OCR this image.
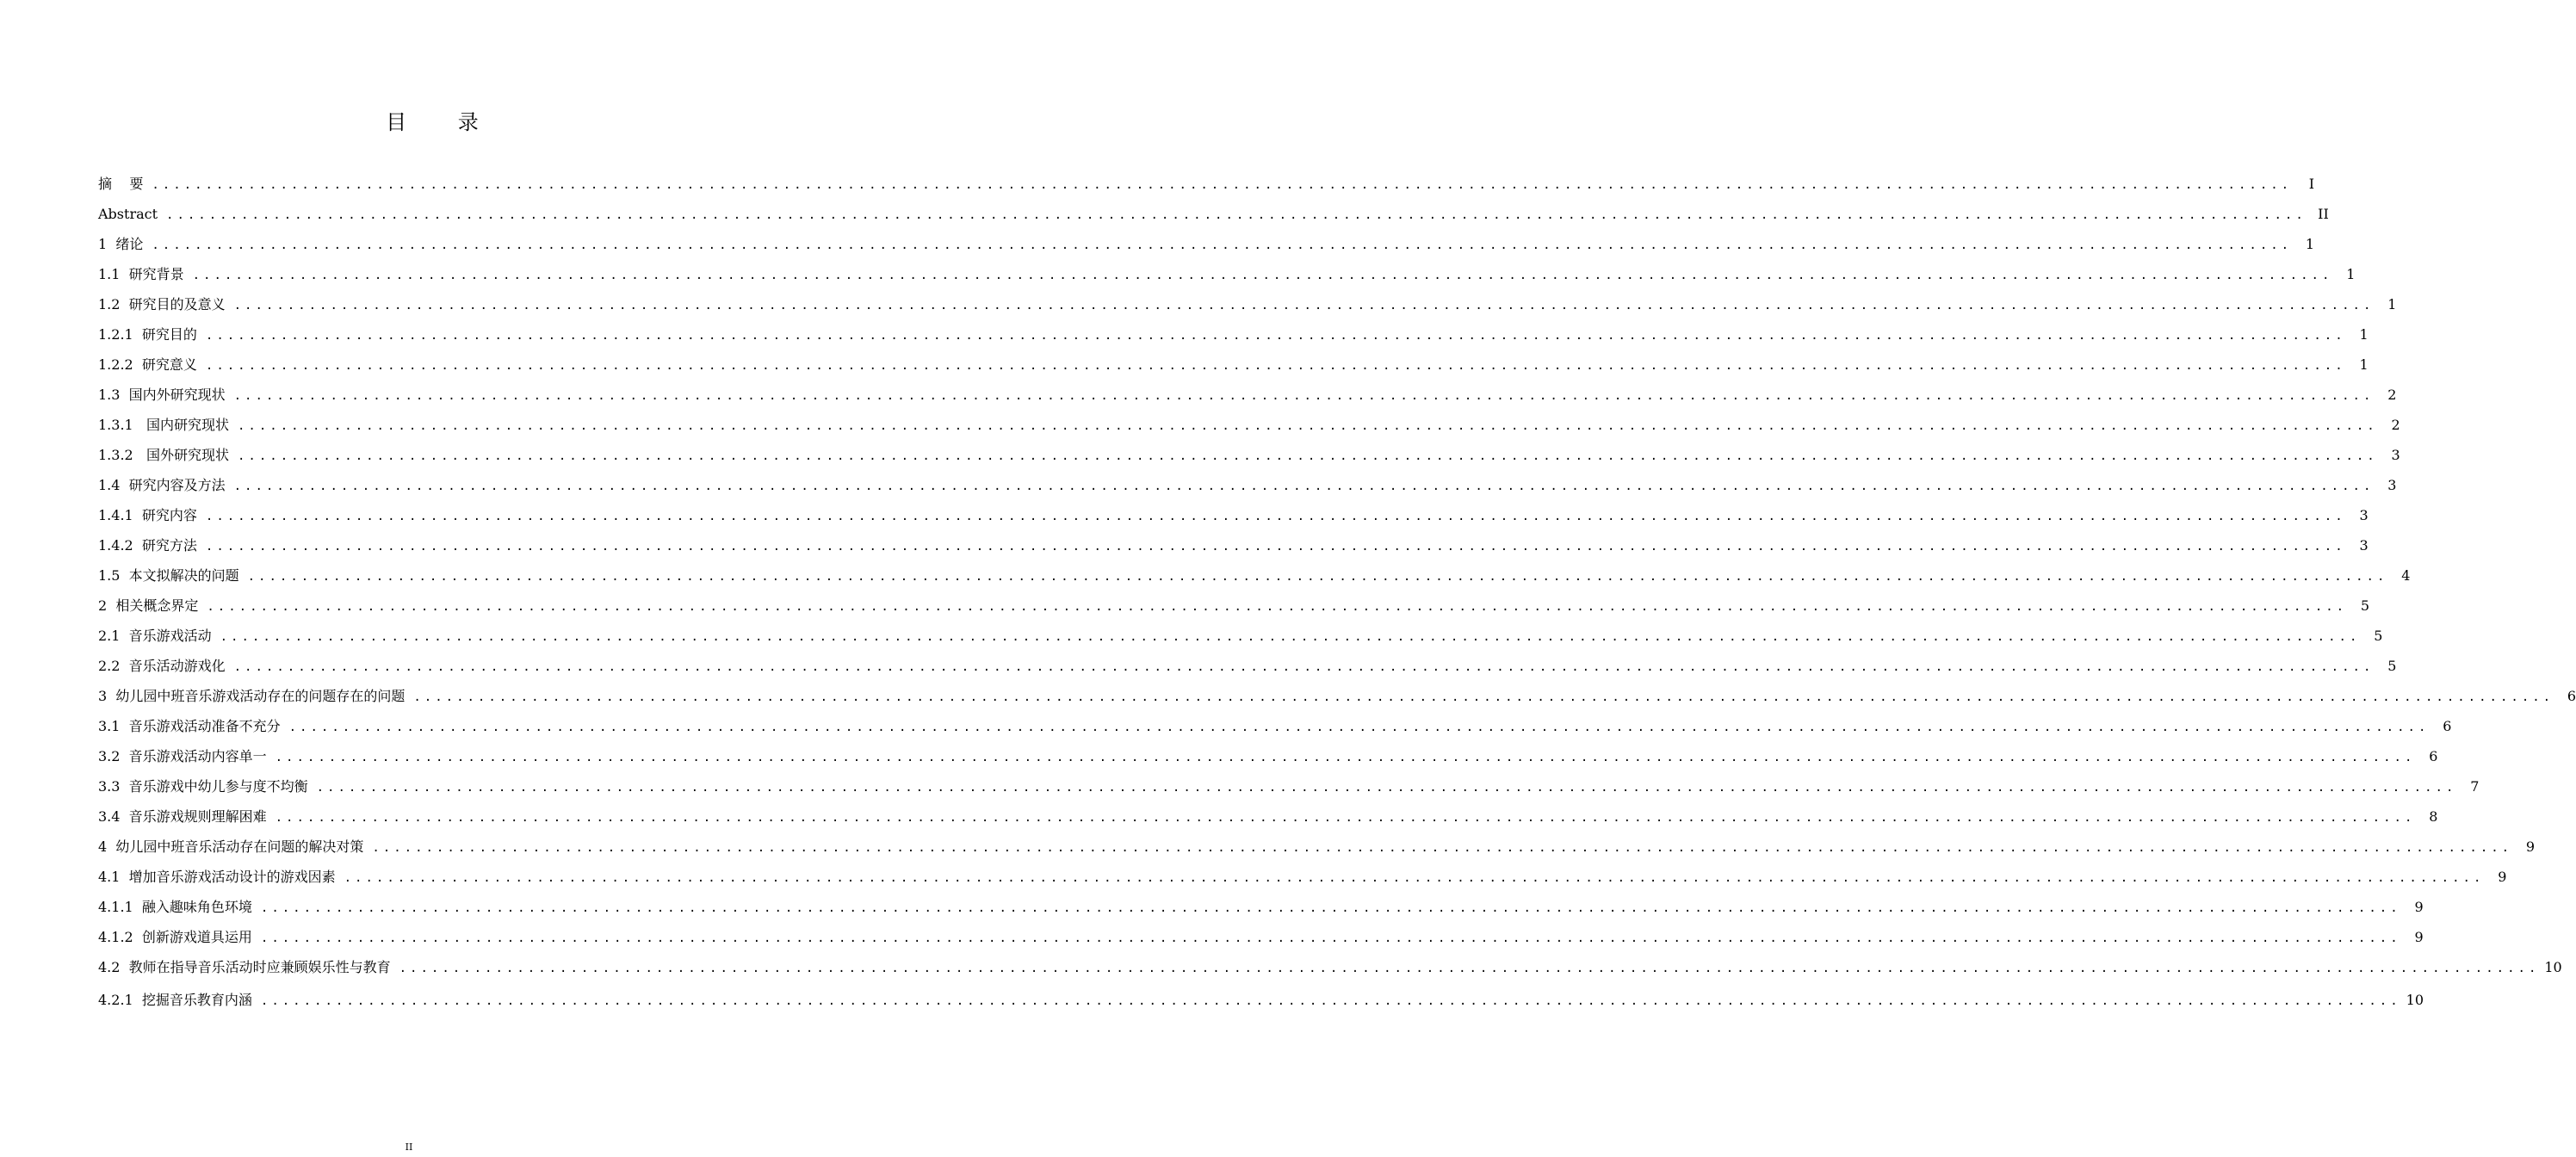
目 录
摘    要 ........................................................................................................................................................................................................	I
Abstract ........................................................................................................................................................................................................ II
1  绪论 ........................................................................................................................................................................................................ 1
1.1  研究背景 ........................................................................................................................................................................................................ 1
1.2  研究目的及意义 ........................................................................................................................................................................................................ 1
1.2.1  研究目的 ........................................................................................................................................................................................................ 1
1.2.2  研究意义 ........................................................................................................................................................................................................ 1
1.3  国内外研究现状 ........................................................................................................................................................................................................ 2
1.3.1   国内研究现状 ........................................................................................................................................................................................................ 2
1.3.2   国外研究现状 ........................................................................................................................................................................................................ 3
1.4  研究内容及方法 ........................................................................................................................................................................................................ 3
1.4.1  研究内容 ........................................................................................................................................................................................................ 3
1.4.2  研究方法 ........................................................................................................................................................................................................ 3
1.5  本文拟解决的问题 ........................................................................................................................................................................................................ 4
2  相关概念界定 ........................................................................................................................................................................................................ 5
2.1  音乐游戏活动 ........................................................................................................................................................................................................ 5
2.2  音乐活动游戏化 ........................................................................................................................................................................................................ 5
3  幼儿园中班音乐游戏活动存在的问题存在的问题 ........................................................................................................................................................................................................ 6
3.1  音乐游戏活动准备不充分 ........................................................................................................................................................................................................ 6
3.2  音乐游戏活动内容单一 ........................................................................................................................................................................................................ 6
3.3  音乐游戏中幼儿参与度不均衡 ........................................................................................................................................................................................................ 7
3.4  音乐游戏规则理解困难 ........................................................................................................................................................................................................ 8
4  幼儿园中班音乐活动存在问题的解决对策 ........................................................................................................................................................................................................ 9
4.1  增加音乐游戏活动设计的游戏因素 ........................................................................................................................................................................................................ 9
4.1.1  融入趣味角色环境 ........................................................................................................................................................................................................ 9
4.1.2  创新游戏道具运用 ........................................................................................................................................................................................................ 9
4.2  教师在指导音乐活动时应兼顾娱乐性与教育 ........................................................................................................................................................................................................ 10
4.2.1  挖掘音乐教育内涵 ........................................................................................................................................................................................................ 10
II
